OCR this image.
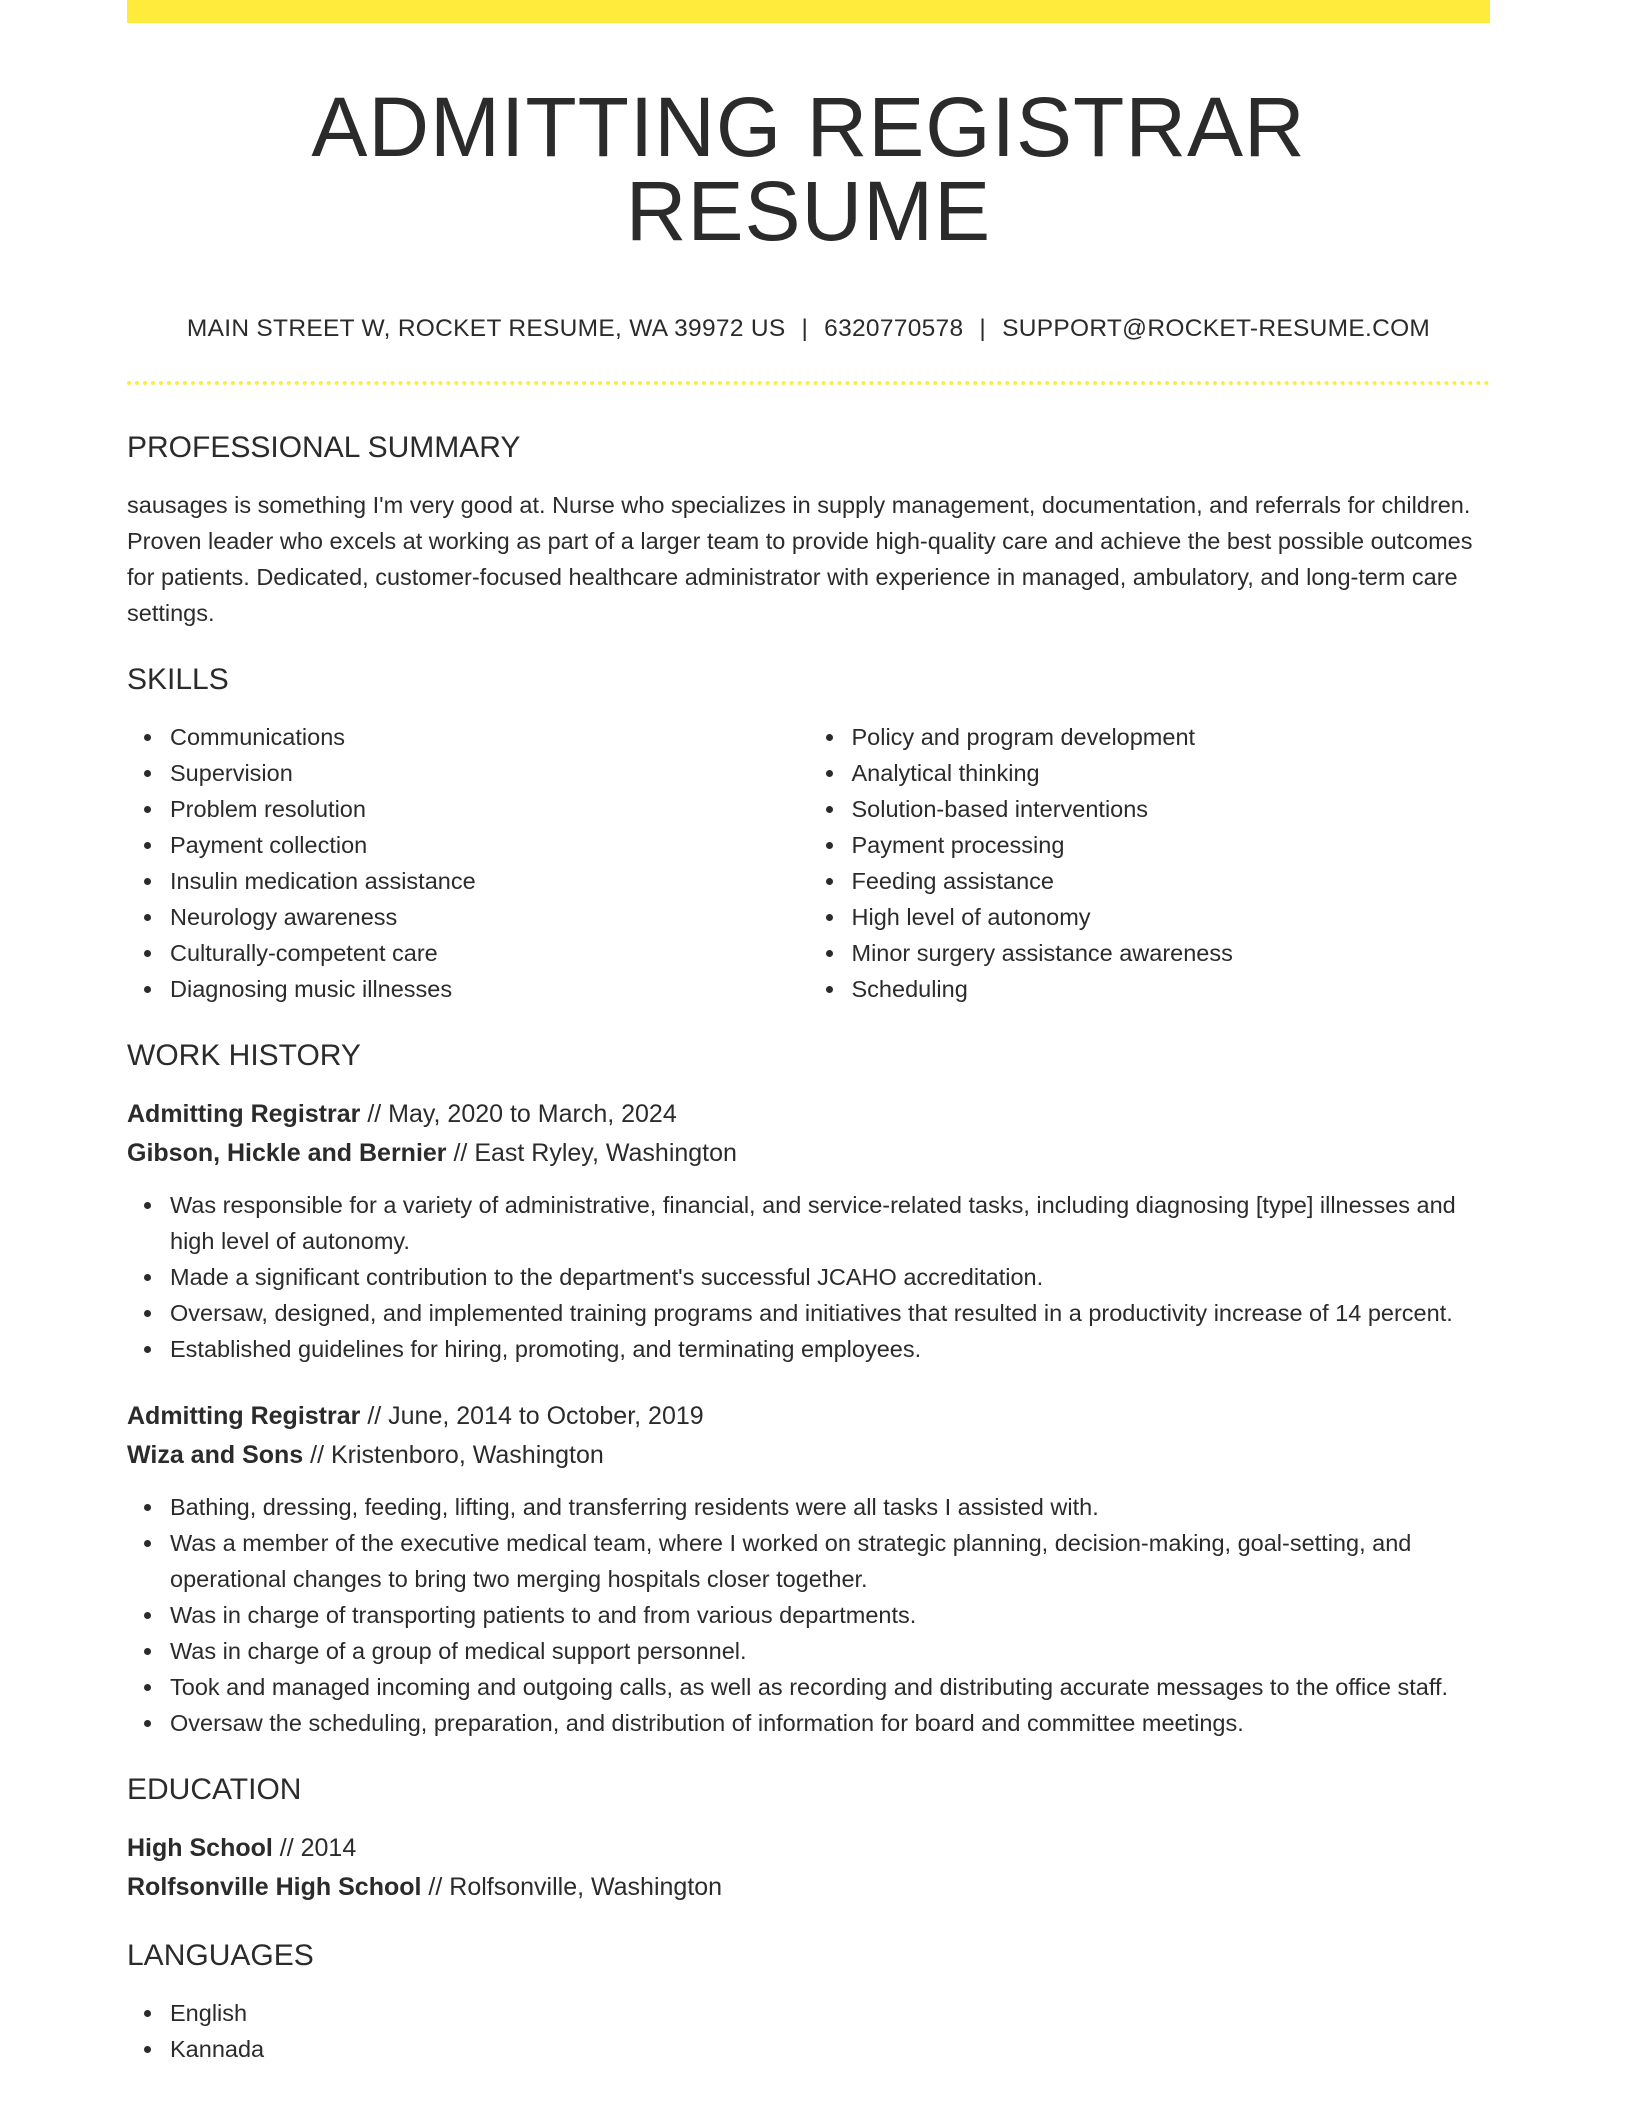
ADMITTING REGISTRAR RESUME
MAIN STREET W, ROCKET RESUME, WA 39972 US | 6320770578 | SUPPORT@ROCKET-RESUME.COM
PROFESSIONAL SUMMARY
sausages is something I'm very good at. Nurse who specializes in supply management, documentation, and referrals for children. Proven leader who excels at working as part of a larger team to provide high-quality care and achieve the best possible outcomes for patients. Dedicated, customer-focused healthcare administrator with experience in managed, ambulatory, and long-term care settings.
SKILLS
Communications
Supervision
Problem resolution
Payment collection
Insulin medication assistance
Neurology awareness
Culturally-competent care
Diagnosing music illnesses
Policy and program development
Analytical thinking
Solution-based interventions
Payment processing
Feeding assistance
High level of autonomy
Minor surgery assistance awareness
Scheduling
WORK HISTORY
Admitting Registrar // May, 2020 to March, 2024
Gibson, Hickle and Bernier // East Ryley, Washington
Was responsible for a variety of administrative, financial, and service-related tasks, including diagnosing [type] illnesses and high level of autonomy.
Made a significant contribution to the department's successful JCAHO accreditation.
Oversaw, designed, and implemented training programs and initiatives that resulted in a productivity increase of 14 percent.
Established guidelines for hiring, promoting, and terminating employees.
Admitting Registrar // June, 2014 to October, 2019
Wiza and Sons // Kristenboro, Washington
Bathing, dressing, feeding, lifting, and transferring residents were all tasks I assisted with.
Was a member of the executive medical team, where I worked on strategic planning, decision-making, goal-setting, and operational changes to bring two merging hospitals closer together.
Was in charge of transporting patients to and from various departments.
Was in charge of a group of medical support personnel.
Took and managed incoming and outgoing calls, as well as recording and distributing accurate messages to the office staff.
Oversaw the scheduling, preparation, and distribution of information for board and committee meetings.
EDUCATION
High School // 2014
Rolfsonville High School // Rolfsonville, Washington
LANGUAGES
English
Kannada
